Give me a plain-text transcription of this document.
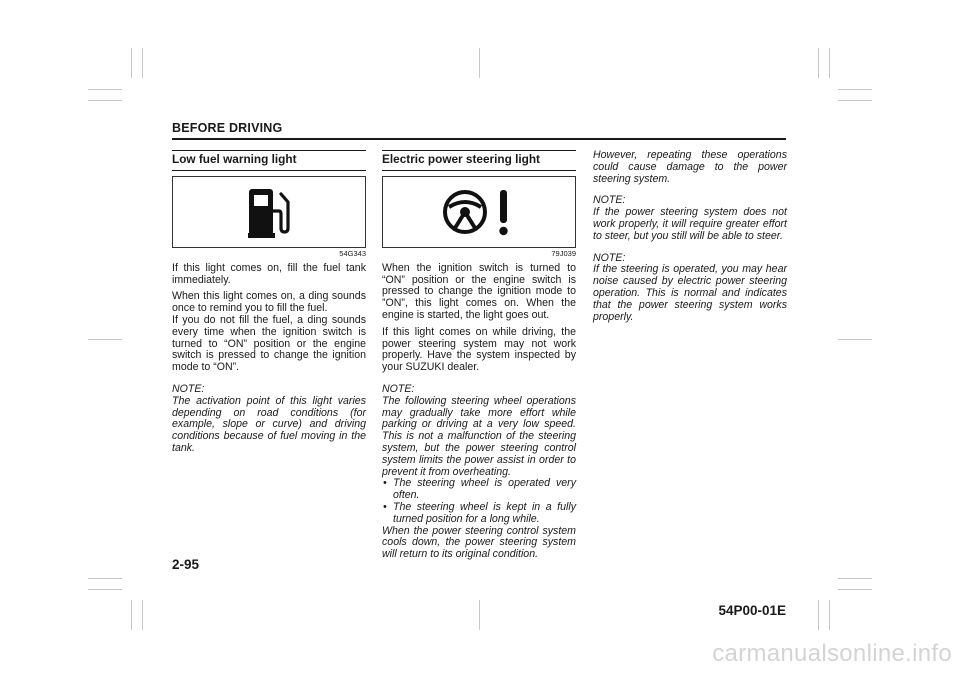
BEFORE DRIVING
Low fuel warning light
54G343

If this light comes on, fill the fuel tank immediately.

When this light comes on, a ding sounds once to remind you to fill the fuel.

If you do not fill the fuel, a ding sounds every time when the ignition switch is turned to “ON” position or the engine switch is pressed to change the ignition mode to “ON”.

NOTE:

The activation point of this light varies depending on road conditions (for example, slope or curve) and driving conditions because of fuel moving in the tank.

Electric power steering light
79J039

When the ignition switch is turned to “ON” position or the engine switch is pressed to change the ignition mode to ”ON”, this light comes on. When the engine is started, the light goes out.

If this light comes on while driving, the power steering system may not work properly. Have the system inspected by your SUZUKI dealer.

NOTE:

The following steering wheel operations may gradually take more effort while parking or driving at a very low speed. This is not a malfunction of the steering system, but the power steering control system limits the power assist in order to prevent it from overheating.

• The steering wheel is operated very often.
• The steering wheel is kept in a fully turned position for a long while.

When the power steering control system cools down, the power steering system will return to its original condition.

However, repeating these operations could cause damage to the power steering system.

NOTE:

If the power steering system does not work properly, it will require greater effort to steer, but you still will be able to steer.

NOTE:

If the steering is operated, you may hear noise caused by electric power steering operation. This is normal and indicates that the power steering system works properly.

2-95
54P00-01E
carmanualsonline.info
